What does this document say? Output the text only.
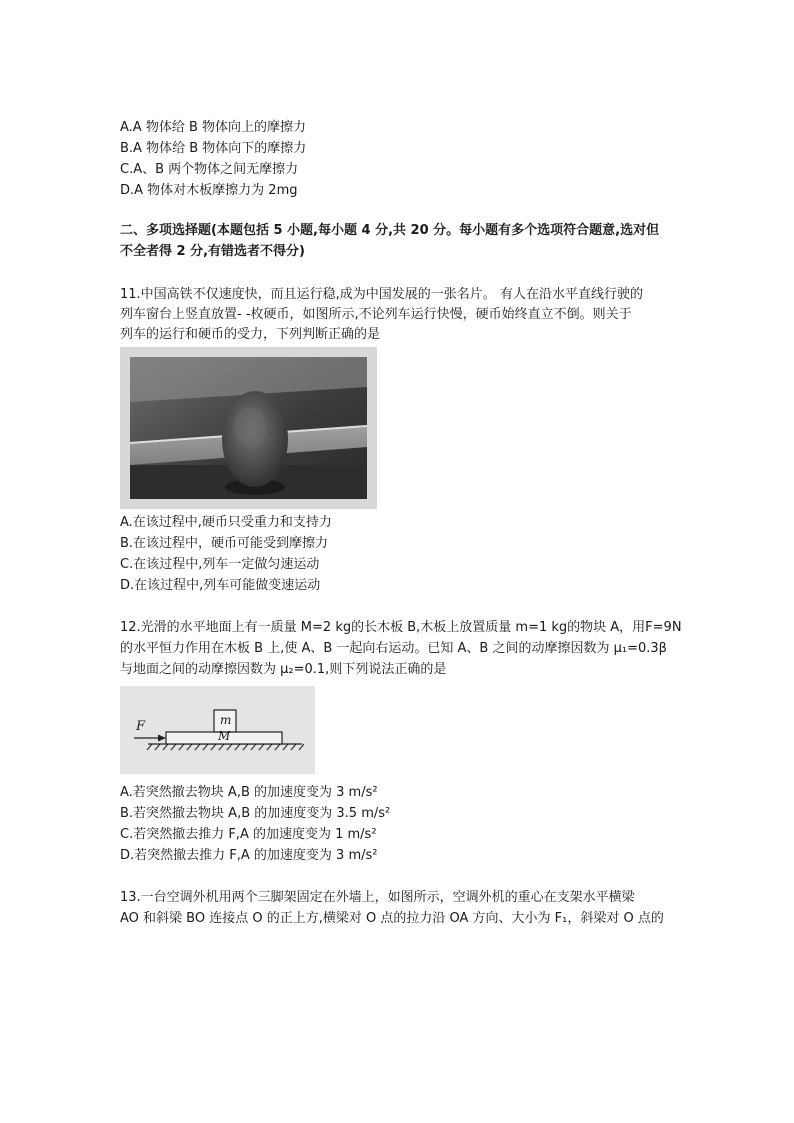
A.A 物体给 B 物体向上的摩擦力
B.A 物体给 B 物体向下的摩擦力
C.A、B 两个物体之间无摩擦力
D.A 物体对木板摩擦力为 2mg
二、多项选择题(本题包括 5 小题,每小题 4 分,共 20 分。每小题有多个选项符合题意,选对但
不全者得 2 分,有错选者不得分)
11.中国高铁不仅速度快，而且运行稳,成为中国发展的一张名片。 有人在沿水平直线行驶的
列车窗台上竖直放置- -枚硬币，如图所示,不论列车运行快慢，硬币始终直立不倒。则关于
列车的运行和硬币的受力，下列判断正确的是
A.在该过程中,硬币只受重力和支持力
B.在该过程中，硬币可能受到摩擦力
C.在该过程中,列车一定做匀速运动
D.在该过程中,列车可能做变速运动
12.光滑的水平地面上有一质量 M=2 kg的长木板 B,木板上放置质量 m=1 kg的物块 A，用F=9N
的水平恒力作用在木板 B 上,使 A、B 一起向右运动。已知 A、B 之间的动摩擦因数为 μ₁=0.3β
与地面之间的动摩擦因数为 μ₂=0.1,则下列说法正确的是
F	m
M
A.若突然撤去物块 A,B 的加速度变为 3 m/s²
B.若突然撤去物块 A,B 的加速度变为 3.5 m/s²
C.若突然撤去推力 F,A 的加速度变为 1 m/s²
D.若突然撤去推力 F,A 的加速度变为 3 m/s²
13.一台空调外机用两个三脚架固定在外墙上，如图所示，空调外机的重心在支架水平横梁
AO 和斜梁 BO 连接点 O 的正上方,横梁对 O 点的拉力沿 OA 方向、大小为 F₁，斜梁对 O 点的
